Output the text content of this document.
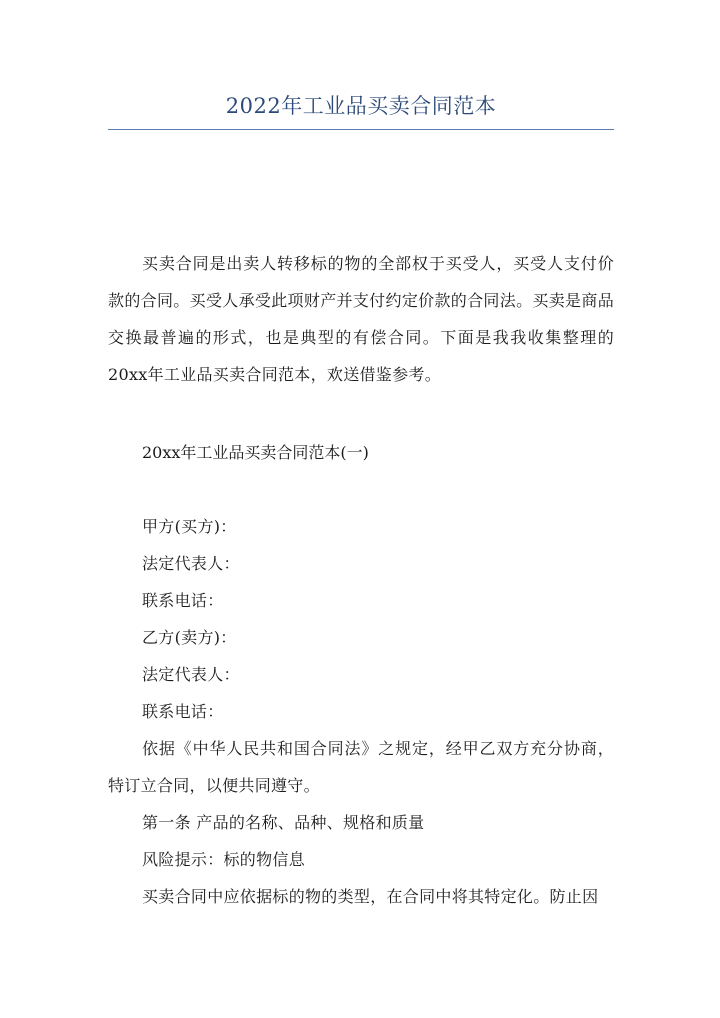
2022年工业品买卖合同范本
买卖合同是出卖人转移标的物的全部权于买受人，买受人支付价款的合同。买受人承受此项财产并支付约定价款的合同法。买卖是商品交换最普遍的形式，也是典型的有偿合同。下面是我我收集整理的20xx年工业品买卖合同范本，欢送借鉴参考。
20xx年工业品买卖合同范本(一)
甲方(买方)：
法定代表人：
联系电话：
乙方(卖方)：
法定代表人：
联系电话：
依据《中华人民共和国合同法》之规定，经甲乙双方充分协商，特订立合同，以便共同遵守。
第一条 产品的名称、品种、规格和质量
风险提示：标的物信息
买卖合同中应依据标的物的类型，在合同中将其特定化。防止因
